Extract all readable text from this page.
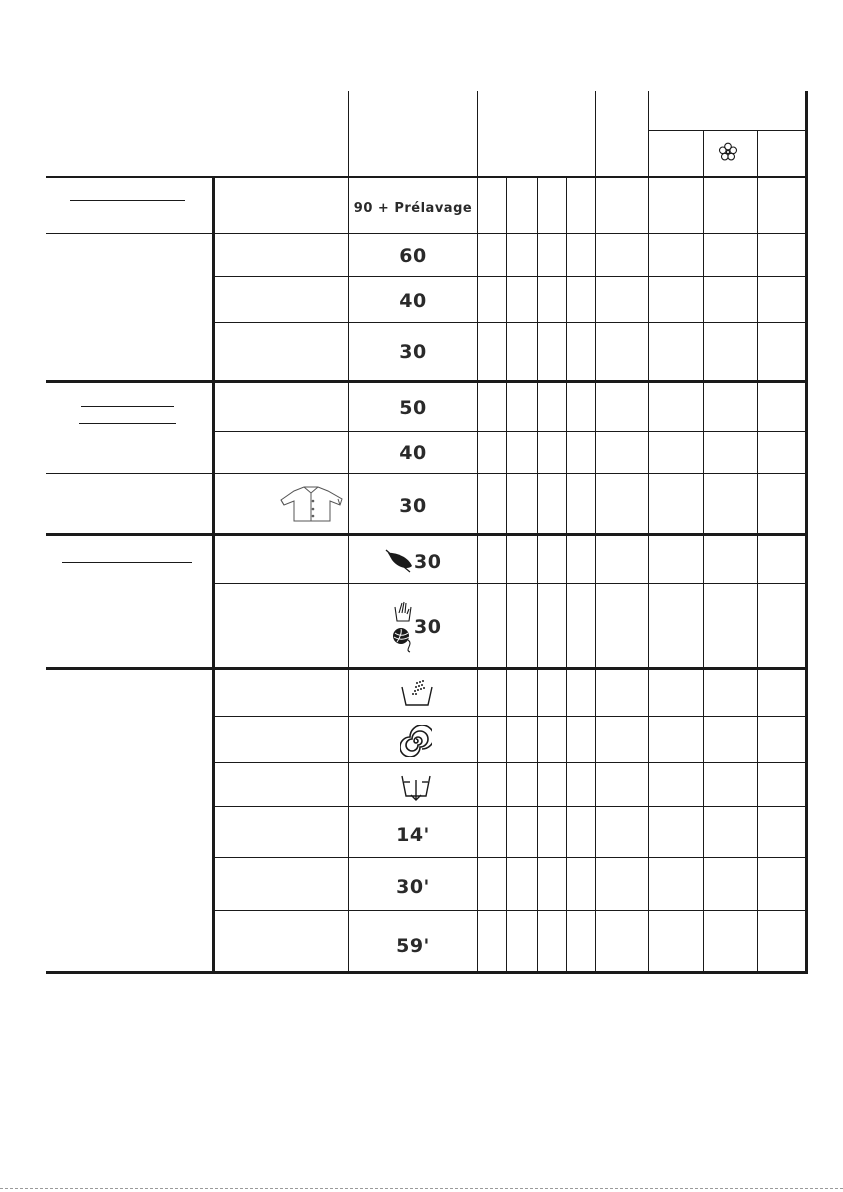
90 + Prélavage
60
40
30
50
40
30
30
30
14'
30'
59'
